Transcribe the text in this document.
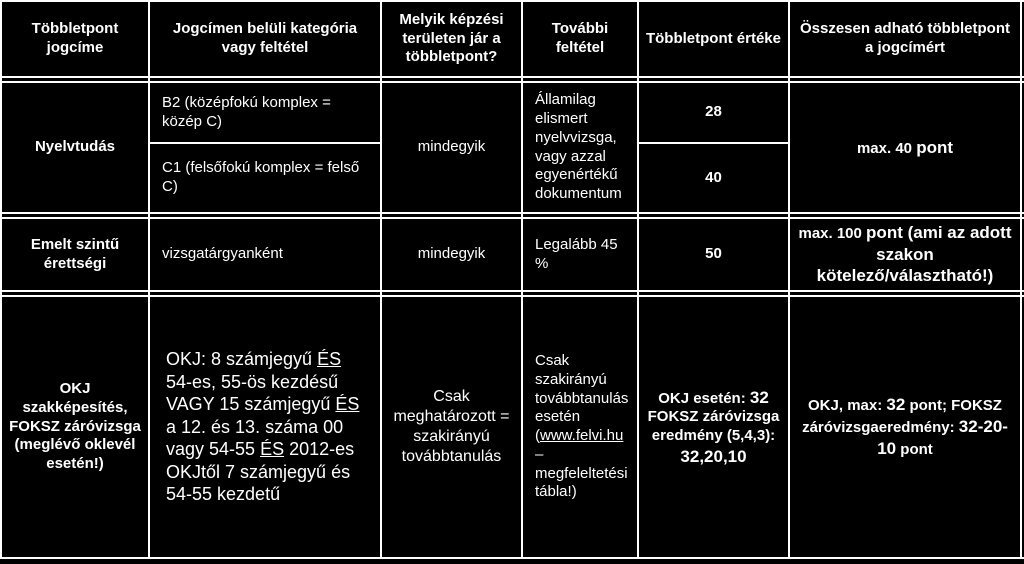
Többletpont jogcíme
Jogcímen belüli kategória vagy feltétel
Melyik képzési területen jár a többletpont?
További feltétel
Többletpont értéke
Összesen adható többletpont a jogcímért
Nyelvtudás
B2 (középfokú komplex = közép C)
C1 (felsőfokú komplex = felső C)
mindegyik
Államilag elismert nyelvvizsga, vagy azzal egyenértékű dokumentum
28
40
max. 40 pont
Emelt szintű érettségi
vizsgatárgyanként	mindegyik
Legalább 45 %
50
max. 100 pont (ami az adott szakon kötelező/választható!)
OKJ szakképesítés, FOKSZ záróvizsga (meglévő oklevél esetén!)
OKJ: 8 számjegyű ÉS 54-es, 55-ös kezdésű VAGY 15 számjegyű ÉS a 12. és 13. száma 00 vagy 54-55 ÉS 2012-es OKJtől 7 számjegyű és 54-55 kezdetű
Csak meghatározott = szakirányú továbbtanulás
Csak szakirányú továbbtanulás esetén (www.felvi.hu – megfeleltetési tábla!)
OKJ esetén: 32 FOKSZ záróvizsga eredmény (5,4,3): 32,20,10
OKJ, max: 32 pont; FOKSZ záróvizsgaeredmény: 32-20-10 pont
